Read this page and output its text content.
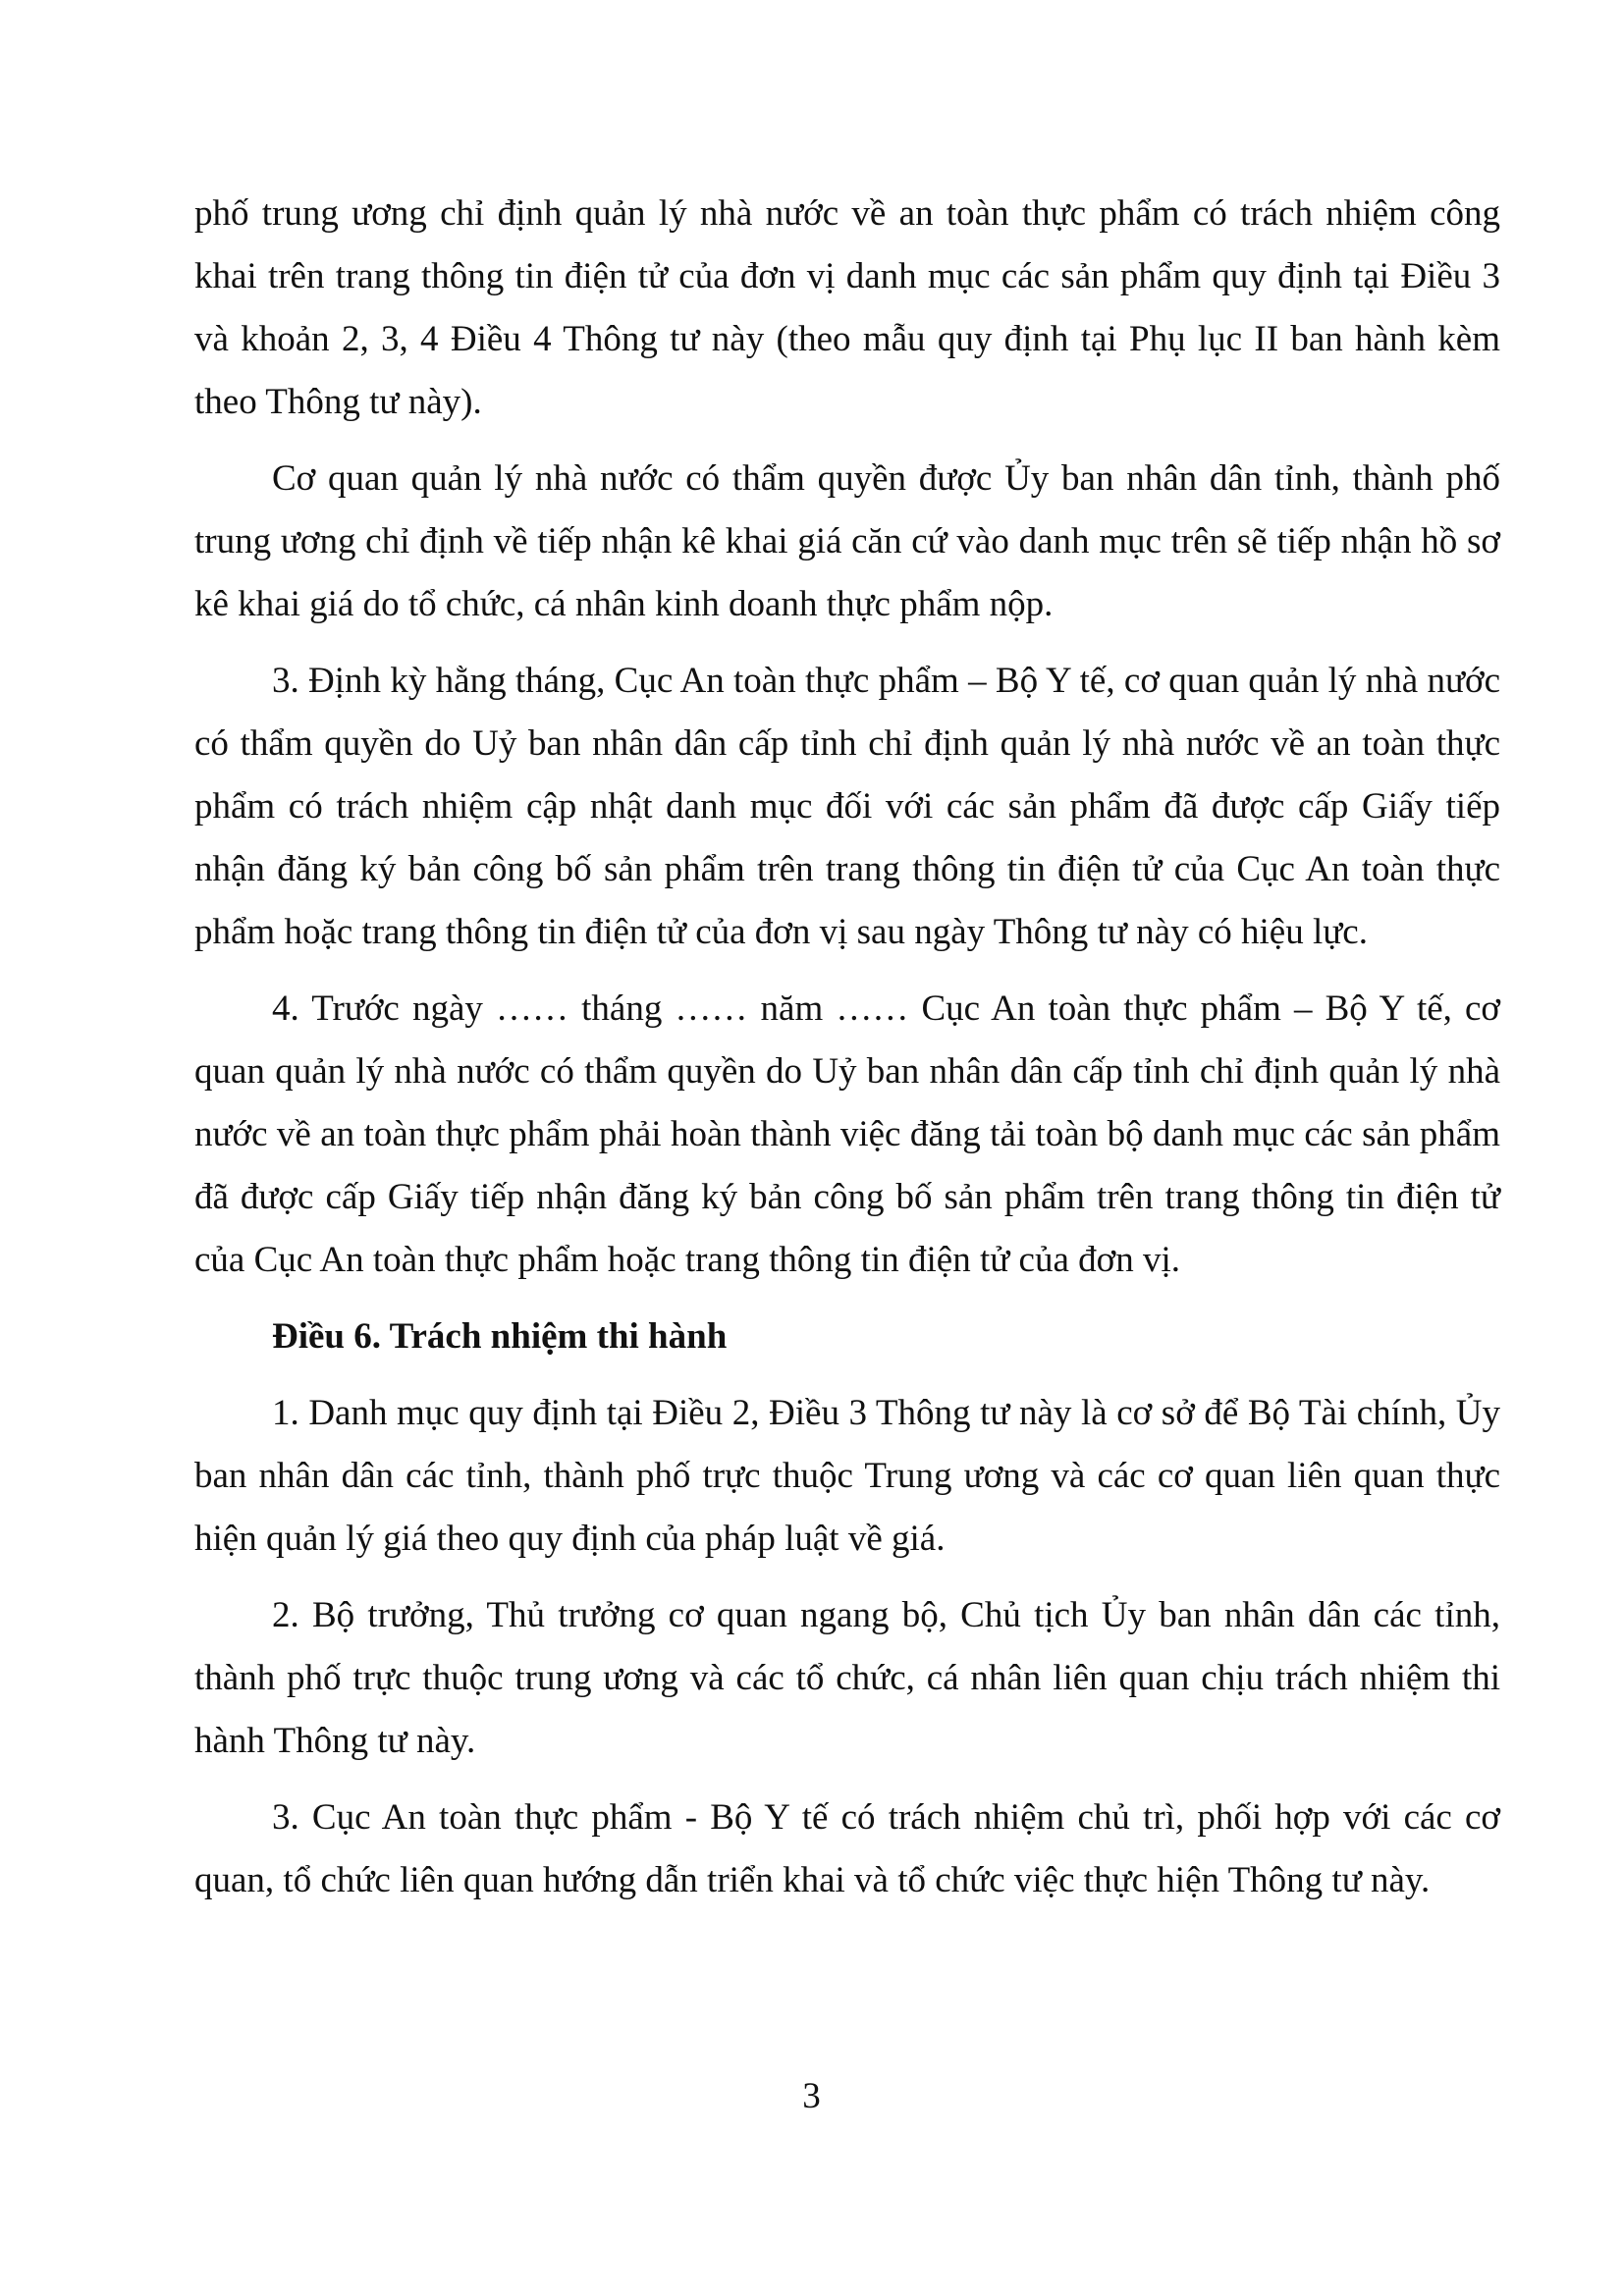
phố trung ương chỉ định quản lý nhà nước về an toàn thực phẩm có trách nhiệm công khai trên trang thông tin điện tử của đơn vị danh mục các sản phẩm quy định tại Điều 3 và khoản 2, 3, 4 Điều 4 Thông tư này (theo mẫu quy định tại Phụ lục II ban hành kèm theo Thông tư này).

Cơ quan quản lý nhà nước có thẩm quyền được Ủy ban nhân dân tỉnh, thành phố trung ương chỉ định về tiếp nhận kê khai giá căn cứ vào danh mục trên sẽ tiếp nhận hồ sơ kê khai giá do tổ chức, cá nhân kinh doanh thực phẩm nộp.

3. Định kỳ hằng tháng, Cục An toàn thực phẩm – Bộ Y tế, cơ quan quản lý nhà nước có thẩm quyền do Uỷ ban nhân dân cấp tỉnh chỉ định quản lý nhà nước về an toàn thực phẩm có trách nhiệm cập nhật danh mục đối với các sản phẩm đã được cấp Giấy tiếp nhận đăng ký bản công bố sản phẩm trên trang thông tin điện tử của Cục An toàn thực phẩm hoặc trang thông tin điện tử của đơn vị sau ngày Thông tư này có hiệu lực.

4. Trước ngày …… tháng …… năm …… Cục An toàn thực phẩm – Bộ Y tế, cơ quan quản lý nhà nước có thẩm quyền do Uỷ ban nhân dân cấp tỉnh chỉ định quản lý nhà nước về an toàn thực phẩm phải hoàn thành việc đăng tải toàn bộ danh mục các sản phẩm đã được cấp Giấy tiếp nhận đăng ký bản công bố sản phẩm trên trang thông tin điện tử của Cục An toàn thực phẩm hoặc trang thông tin điện tử của đơn vị.

Điều 6. Trách nhiệm thi hành

1. Danh mục quy định tại Điều 2, Điều 3 Thông tư này là cơ sở để Bộ Tài chính, Ủy ban nhân dân các tỉnh, thành phố trực thuộc Trung ương và các cơ quan liên quan thực hiện quản lý giá theo quy định của pháp luật về giá.

2. Bộ trưởng, Thủ trưởng cơ quan ngang bộ, Chủ tịch Ủy ban nhân dân các tỉnh, thành phố trực thuộc trung ương và các tổ chức, cá nhân liên quan chịu trách nhiệm thi hành Thông tư này.

3. Cục An toàn thực phẩm - Bộ Y tế có trách nhiệm chủ trì, phối hợp với các cơ quan, tổ chức liên quan hướng dẫn triển khai và tổ chức việc thực hiện Thông tư này.

3
